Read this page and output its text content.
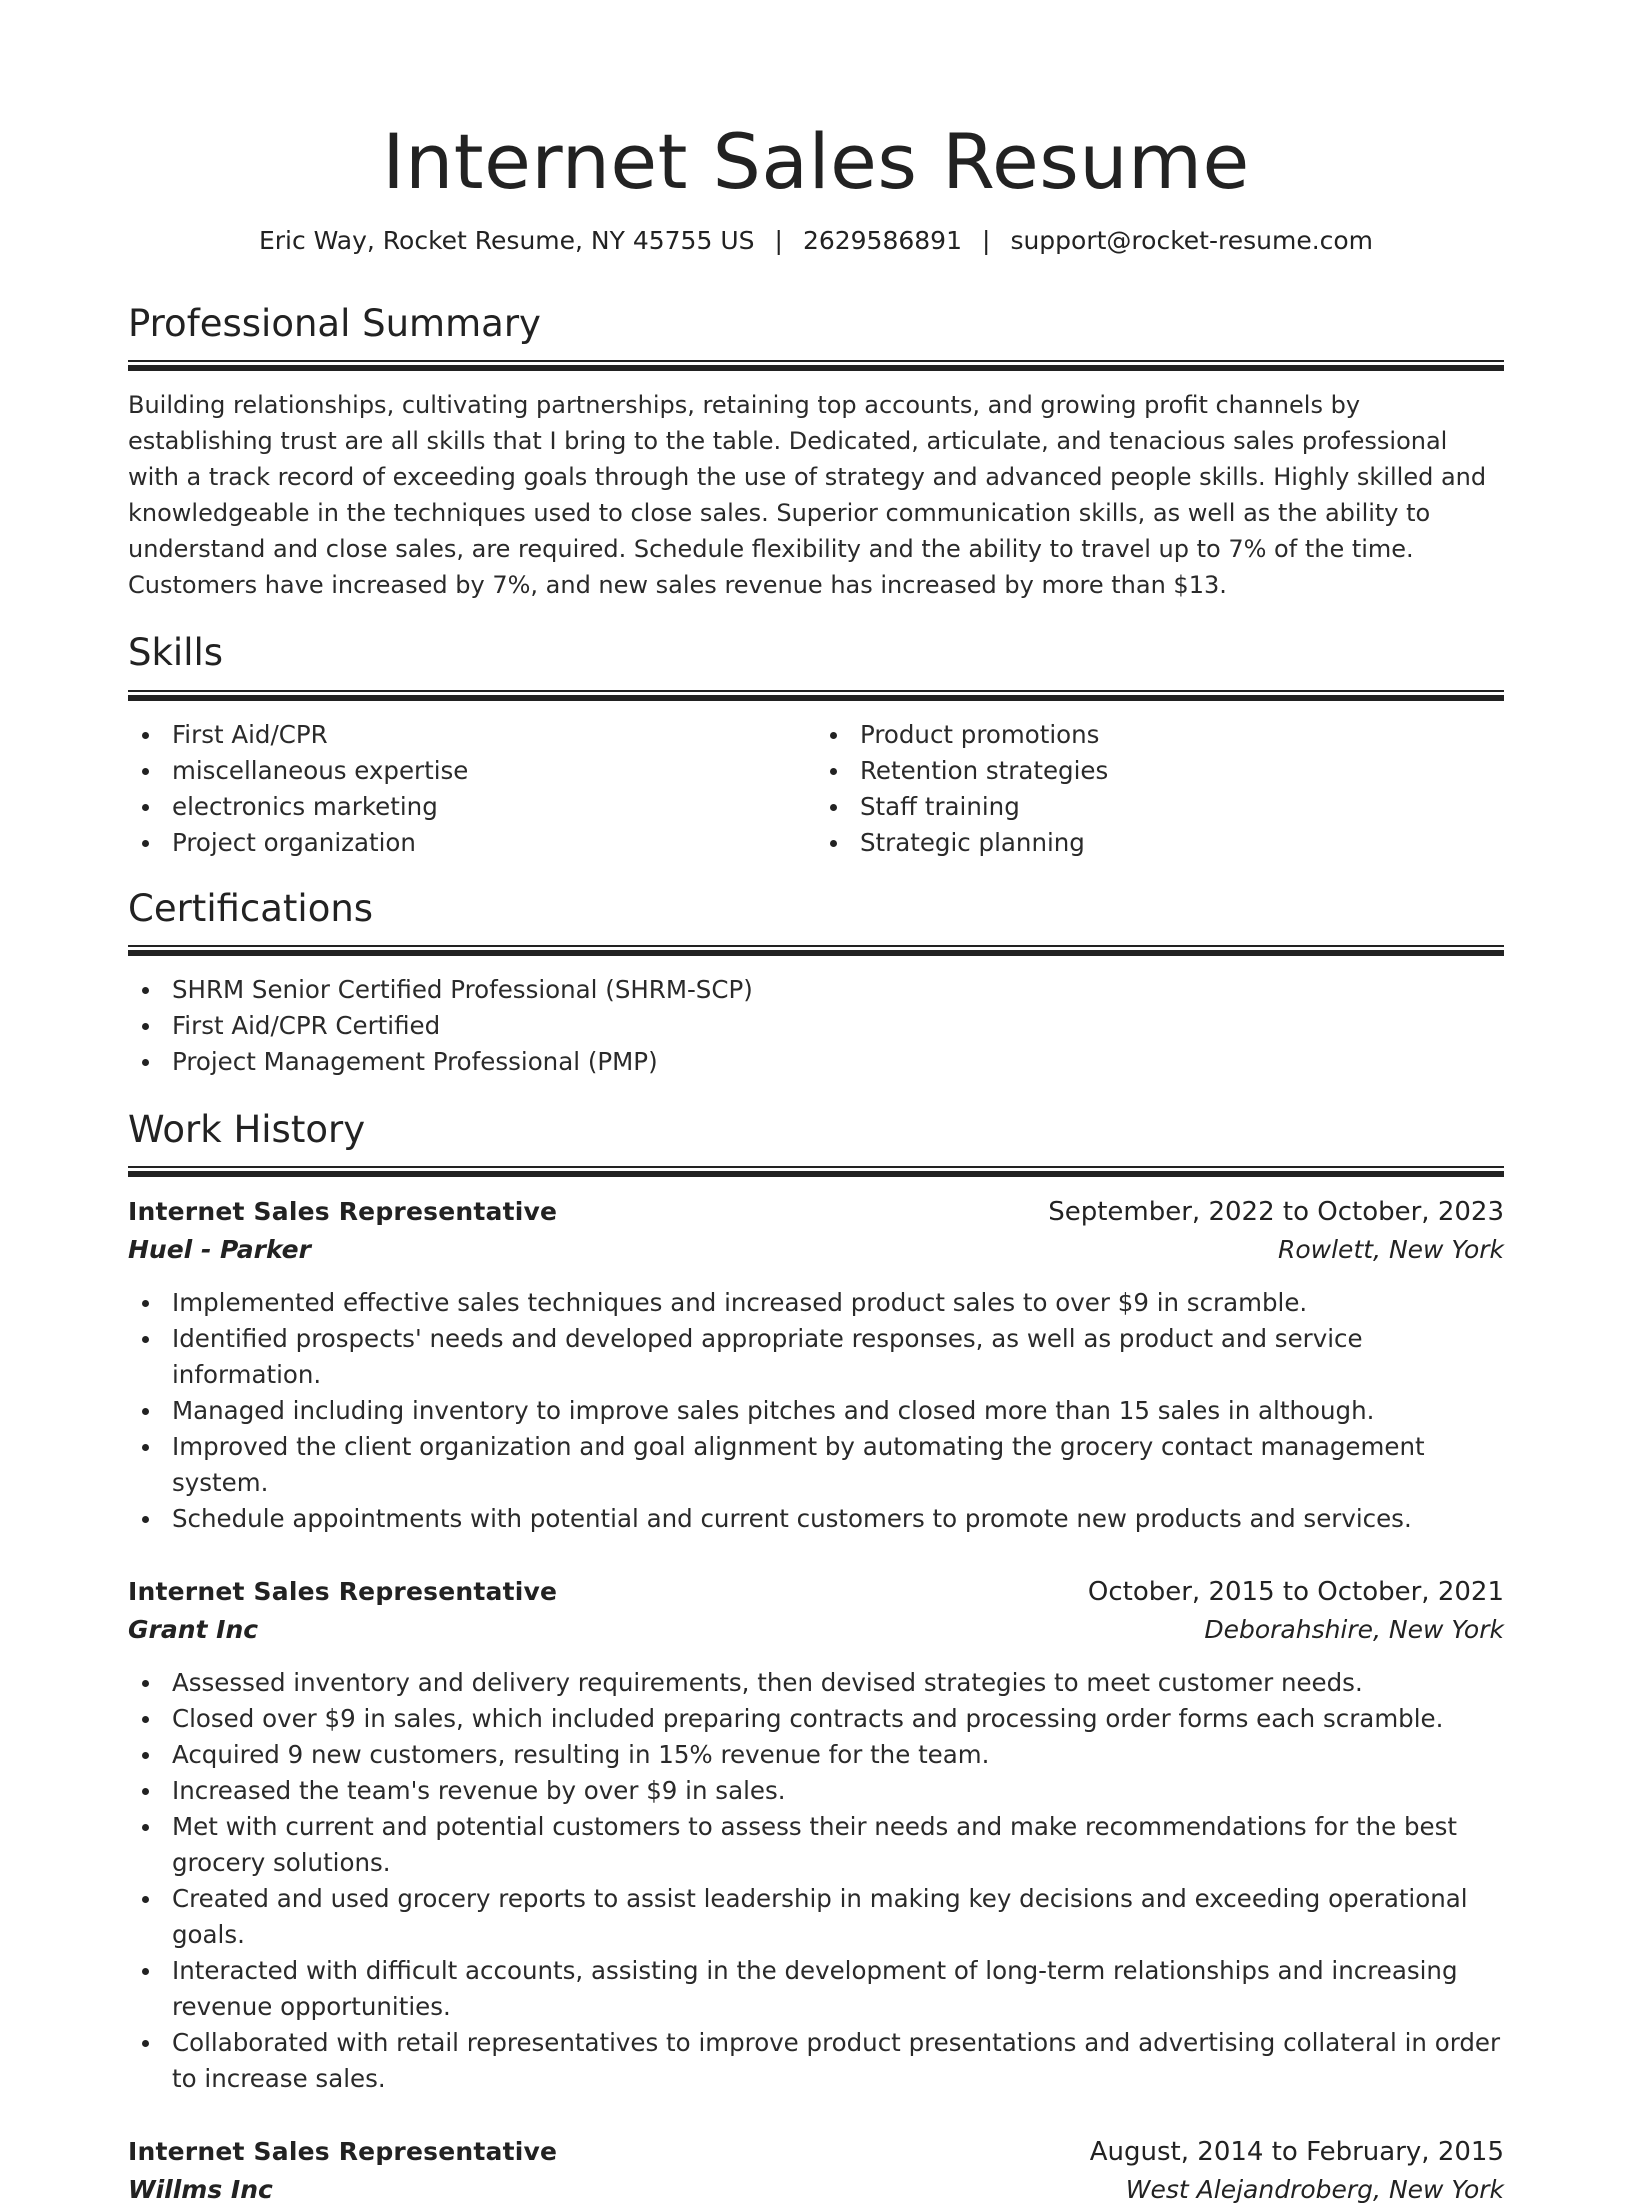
Internet Sales Resume
Eric Way, Rocket Resume, NY 45755 US | 2629586891 | support@rocket-resume.com
Professional Summary

Building relationships, cultivating partnerships, retaining top accounts, and growing profit channels by establishing trust are all skills that I bring to the table. Dedicated, articulate, and tenacious sales professional with a track record of exceeding goals through the use of strategy and advanced people skills. Highly skilled and knowledgeable in the techniques used to close sales. Superior communication skills, as well as the ability to understand and close sales, are required. Schedule flexibility and the ability to travel up to 7% of the time. Customers have increased by 7%, and new sales revenue has increased by more than $13.

Skills
First Aid/CPR
miscellaneous expertise
electronics marketing
Project organization
Product promotions
Retention strategies
Staff training
Strategic planning
Certifications
SHRM Senior Certified Professional (SHRM-SCP)
First Aid/CPR Certified
Project Management Professional (PMP)
Work History
Internet Sales Representative	September, 2022 to October, 2023
Huel - Parker	Rowlett, New York
Implemented effective sales techniques and increased product sales to over $9 in scramble.
Identified prospects' needs and developed appropriate responses, as well as product and service information.
Managed including inventory to improve sales pitches and closed more than 15 sales in although.
Improved the client organization and goal alignment by automating the grocery contact management system.
Schedule appointments with potential and current customers to promote new products and services.
Internet Sales Representative	October, 2015 to October, 2021
Grant Inc	Deborahshire, New York
Assessed inventory and delivery requirements, then devised strategies to meet customer needs.
Closed over $9 in sales, which included preparing contracts and processing order forms each scramble.
Acquired 9 new customers, resulting in 15% revenue for the team.
Increased the team's revenue by over $9 in sales.
Met with current and potential customers to assess their needs and make recommendations for the best grocery solutions.
Created and used grocery reports to assist leadership in making key decisions and exceeding operational goals.
Interacted with difficult accounts, assisting in the development of long-term relationships and increasing revenue opportunities.
Collaborated with retail representatives to improve product presentations and advertising collateral in order to increase sales.
Internet Sales Representative	August, 2014 to February, 2015
Willms Inc	West Alejandroberg, New York
